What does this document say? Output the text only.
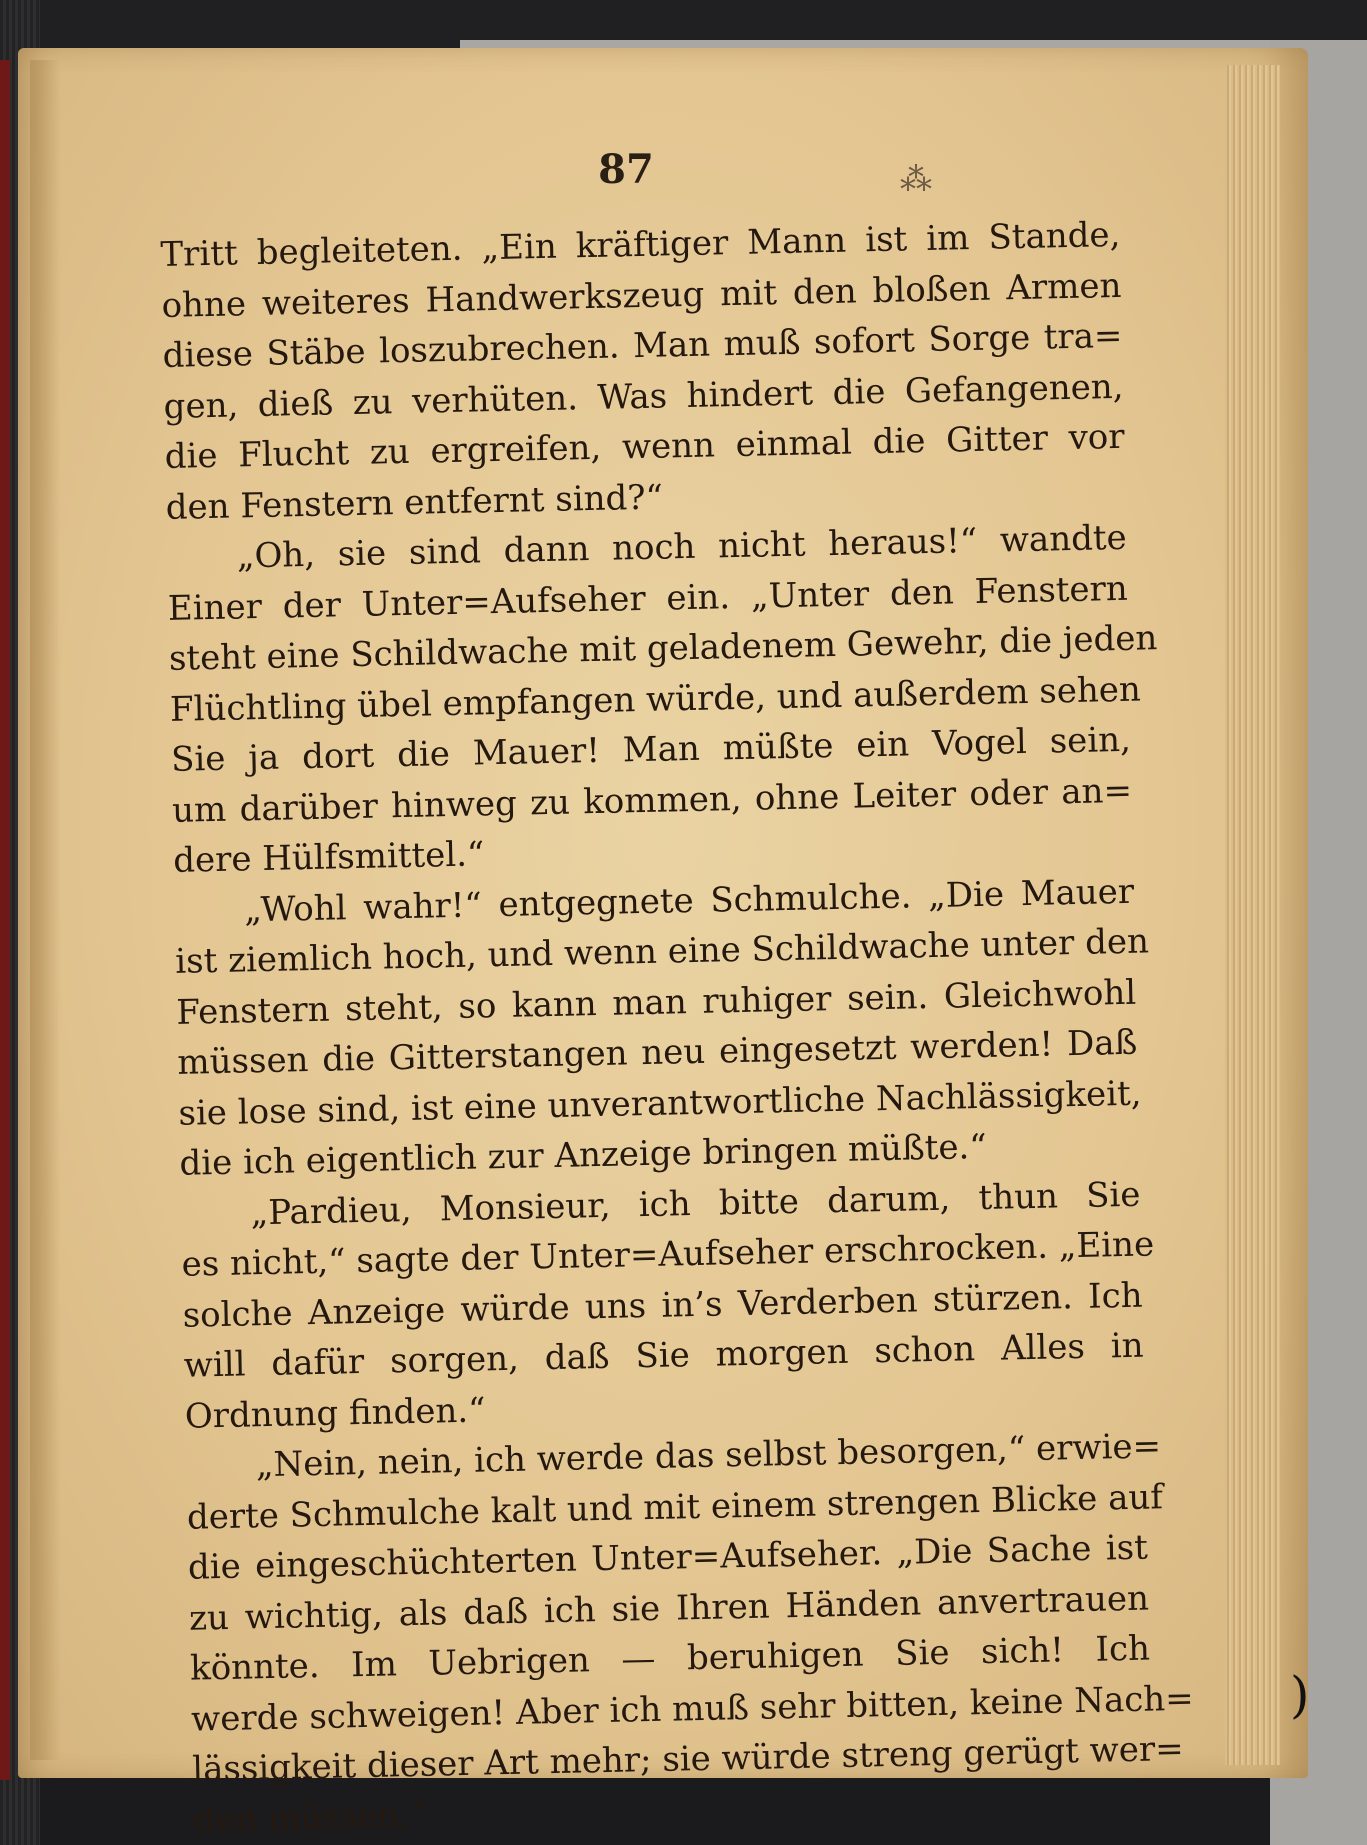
87	⁂
Tritt begleiteten. „Ein kräftiger Mann ist im Stande,
ohne weiteres Handwerkszeug mit den bloßen Armen
diese Stäbe loszubrechen. Man muß sofort Sorge tra=
gen, dieß zu verhüten. Was hindert die Gefangenen,
die Flucht zu ergreifen, wenn einmal die Gitter vor
den Fenstern entfernt sind?“
„Oh, sie sind dann noch nicht heraus!“ wandte
Einer der Unter=Aufseher ein. „Unter den Fenstern
steht eine Schildwache mit geladenem Gewehr, die jeden
Flüchtling übel empfangen würde, und außerdem sehen
Sie ja dort die Mauer! Man müßte ein Vogel sein,
um darüber hinweg zu kommen, ohne Leiter oder an=
dere Hülfsmittel.“
„Wohl wahr!“ entgegnete Schmulche. „Die Mauer
ist ziemlich hoch, und wenn eine Schildwache unter den
Fenstern steht, so kann man ruhiger sein. Gleichwohl
müssen die Gitterstangen neu eingesetzt werden! Daß
sie lose sind, ist eine unverantwortliche Nachlässigkeit,
die ich eigentlich zur Anzeige bringen müßte.“
„Pardieu, Monsieur, ich bitte darum, thun Sie
es nicht,“ sagte der Unter=Aufseher erschrocken. „Eine
solche Anzeige würde uns in’s Verderben stürzen. Ich
will dafür sorgen, daß Sie morgen schon Alles in
Ordnung finden.“
„Nein, nein, ich werde das selbst besorgen,“ erwie=
derte Schmulche kalt und mit einem strengen Blicke auf
die eingeschüchterten Unter=Aufseher. „Die Sache ist
zu wichtig, als daß ich sie Ihren Händen anvertrauen
könnte. Im Uebrigen — beruhigen Sie sich! Ich
werde schweigen! Aber ich muß sehr bitten, keine Nach=
lässigkeit dieser Art mehr; sie würde streng gerügt wer=
den müssen.“
)
